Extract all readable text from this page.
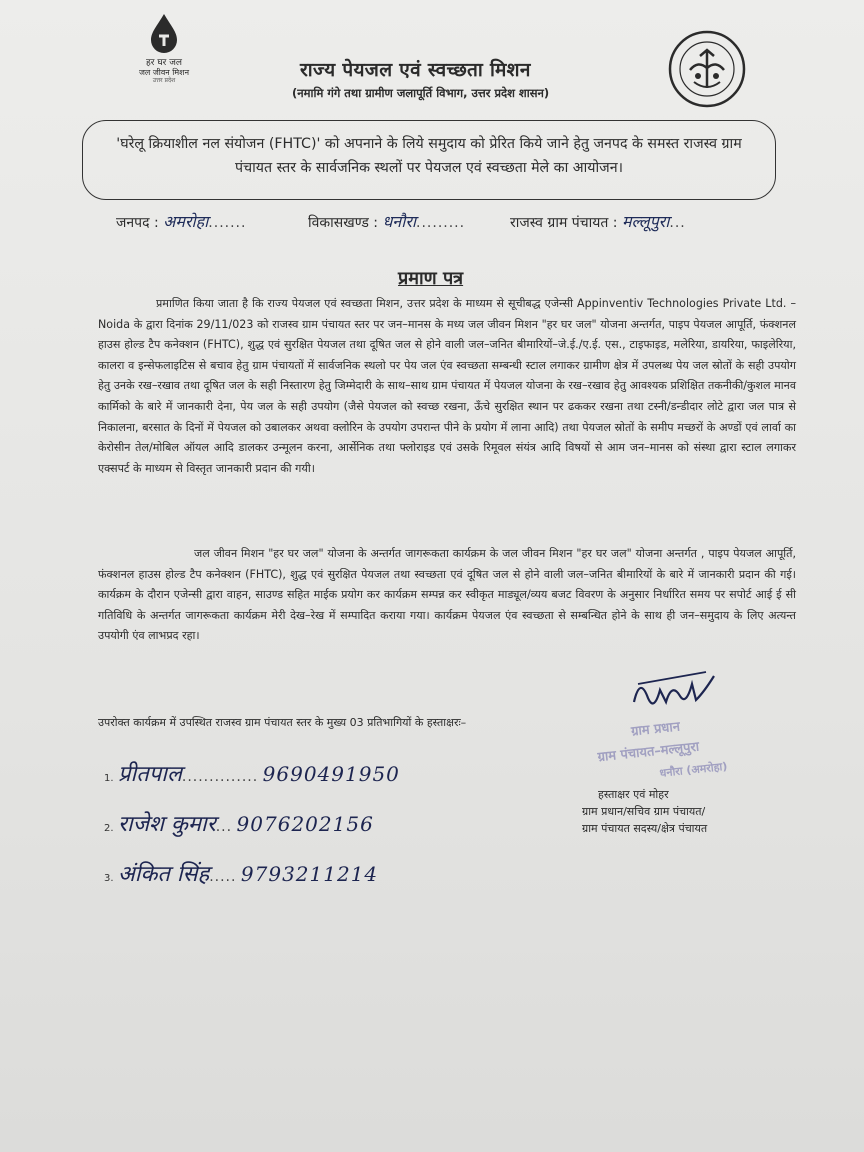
हर घर जल
जल जीवन मिशन
उत्तर प्रदेश	राज्य पेयजल एवं स्वच्छता मिशन
(नमामि गंगे तथा ग्रामीण जलापूर्ति विभाग, उत्तर प्रदेश शासन)
'घरेलू क्रियाशील नल संयोजन (FHTC)' को अपनाने के लिये समुदाय को प्रेरित किये जाने हेतु जनपद के समस्त राजस्व ग्राम पंचायत स्तर के सार्वजनिक स्थलों पर पेयजल एवं स्वच्छता मेले का आयोजन।
जनपद : अमरोहा.......	विकासखण्ड : धनौरा.........	राजस्व ग्राम पंचायत : मल्लूपुरा...
प्रमाण पत्र

प्रमाणित किया जाता है कि राज्य पेयजल एवं स्वच्छता मिशन, उत्तर प्रदेश के माध्यम से सूचीबद्ध एजेन्सी Appinventiv Technologies Private Ltd. – Noida के द्वारा दिनांक 29/11/023 को राजस्व ग्राम पंचायत स्तर पर जन–मानस के मध्य जल जीवन मिशन "हर घर जल" योजना अन्तर्गत, पाइप पेयजल आपूर्ति, फंक्शनल हाउस होल्ड टैप कनेक्शन (FHTC), शुद्ध एवं सुरक्षित पेयजल तथा दूषित जल से होने वाली जल–जनित बीमारियों–जे.ई./ए.ई. एस., टाइफाइड, मलेरिया, डायरिया, फाइलेरिया, कालरा व इन्सेफलाइटिस से बचाव हेतु ग्राम पंचायतों में सार्वजनिक स्थलो पर पेय जल एंव स्वच्छता सम्बन्धी स्टाल लगाकर ग्रामीण क्षेत्र में उपलब्ध पेय जल स्रोतों के सही उपयोग हेतु उनके रख–रखाव तथा दूषित जल के सही निस्तारण हेतु जिम्मेदारी के साथ–साथ ग्राम पंचायत में पेयजल योजना के रख–रखाव हेतु आवश्यक प्रशिक्षित तकनीकी/कुशल मानव कार्मिको के बारे में जानकारी देना, पेय जल के सही उपयोग (जैसे पेयजल को स्वच्छ रखना, ऊँचे सुरक्षित स्थान पर ढककर रखना तथा टस्नी/डन्डीदार लोटे द्वारा जल पात्र से निकालना, बरसात के दिनों में पेयजल को उबालकर अथवा क्लोरिन के उपयोग उपरान्त पीने के प्रयोग में लाना आदि) तथा पेयजल स्रोतों के समीप मच्छरों के अण्डों एवं लार्वा का केरोसीन तेल/मोबिल ऑयल आदि डालकर उन्मूलन करना, आर्सेनिक तथा फ्लोराइड एवं उसके रिमूवल संयंत्र आदि विषयों से आम जन–मानस को संस्था द्वारा स्टाल लगाकर एक्सपर्ट के माध्यम से विस्तृत जानकारी प्रदान की गयी।

जल जीवन मिशन "हर घर जल" योजना के अन्तर्गत जागरूकता कार्यक्रम के जल जीवन मिशन "हर घर जल" योजना अन्तर्गत , पाइप पेयजल आपूर्ति, फंक्शनल हाउस होल्ड टैप कनेक्शन (FHTC), शुद्ध एवं सुरक्षित पेयजल तथा स्वच्छता एवं दूषित जल से होने वाली जल–जनित बीमारियों के बारे में जानकारी प्रदान की गई। कार्यक्रम के दौरान एजेन्सी द्वारा वाहन, साउण्ड सहित माईक प्रयोग कर कार्यक्रम सम्पन्न कर स्वीकृत माड्यूल/व्यय बजट विवरण के अनुसार निर्धारित समय पर सपोर्ट आई ई सी गतिविधि के अन्तर्गत जागरूकता कार्यक्रम मेरी देख–रेख में सम्पादित कराया गया। कार्यक्रम पेयजल एंव स्वच्छता से सम्बन्धित होने के साथ ही जन–समुदाय के लिए अत्यन्त उपयोगी एंव लाभप्रद रहा।

उपरोक्त कार्यक्रम में उपस्थित राजस्व ग्राम पंचायत स्तर के मुख्य 03 प्रतिभागियों के हस्ताक्षरः–
1. प्रीतपाल.............. 9690491950
2. राजेश कुमार... 9076202156
3. अंकित सिंह..... 9793211214
ग्राम प्रधान
ग्राम पंचायत–मल्लूपुरा
धनौरा (अमरोहा)
हस्ताक्षर एवं मोहर
ग्राम प्रधान/सचिव ग्राम पंचायत/
ग्राम पंचायत सदस्य/क्षेत्र पंचायत
